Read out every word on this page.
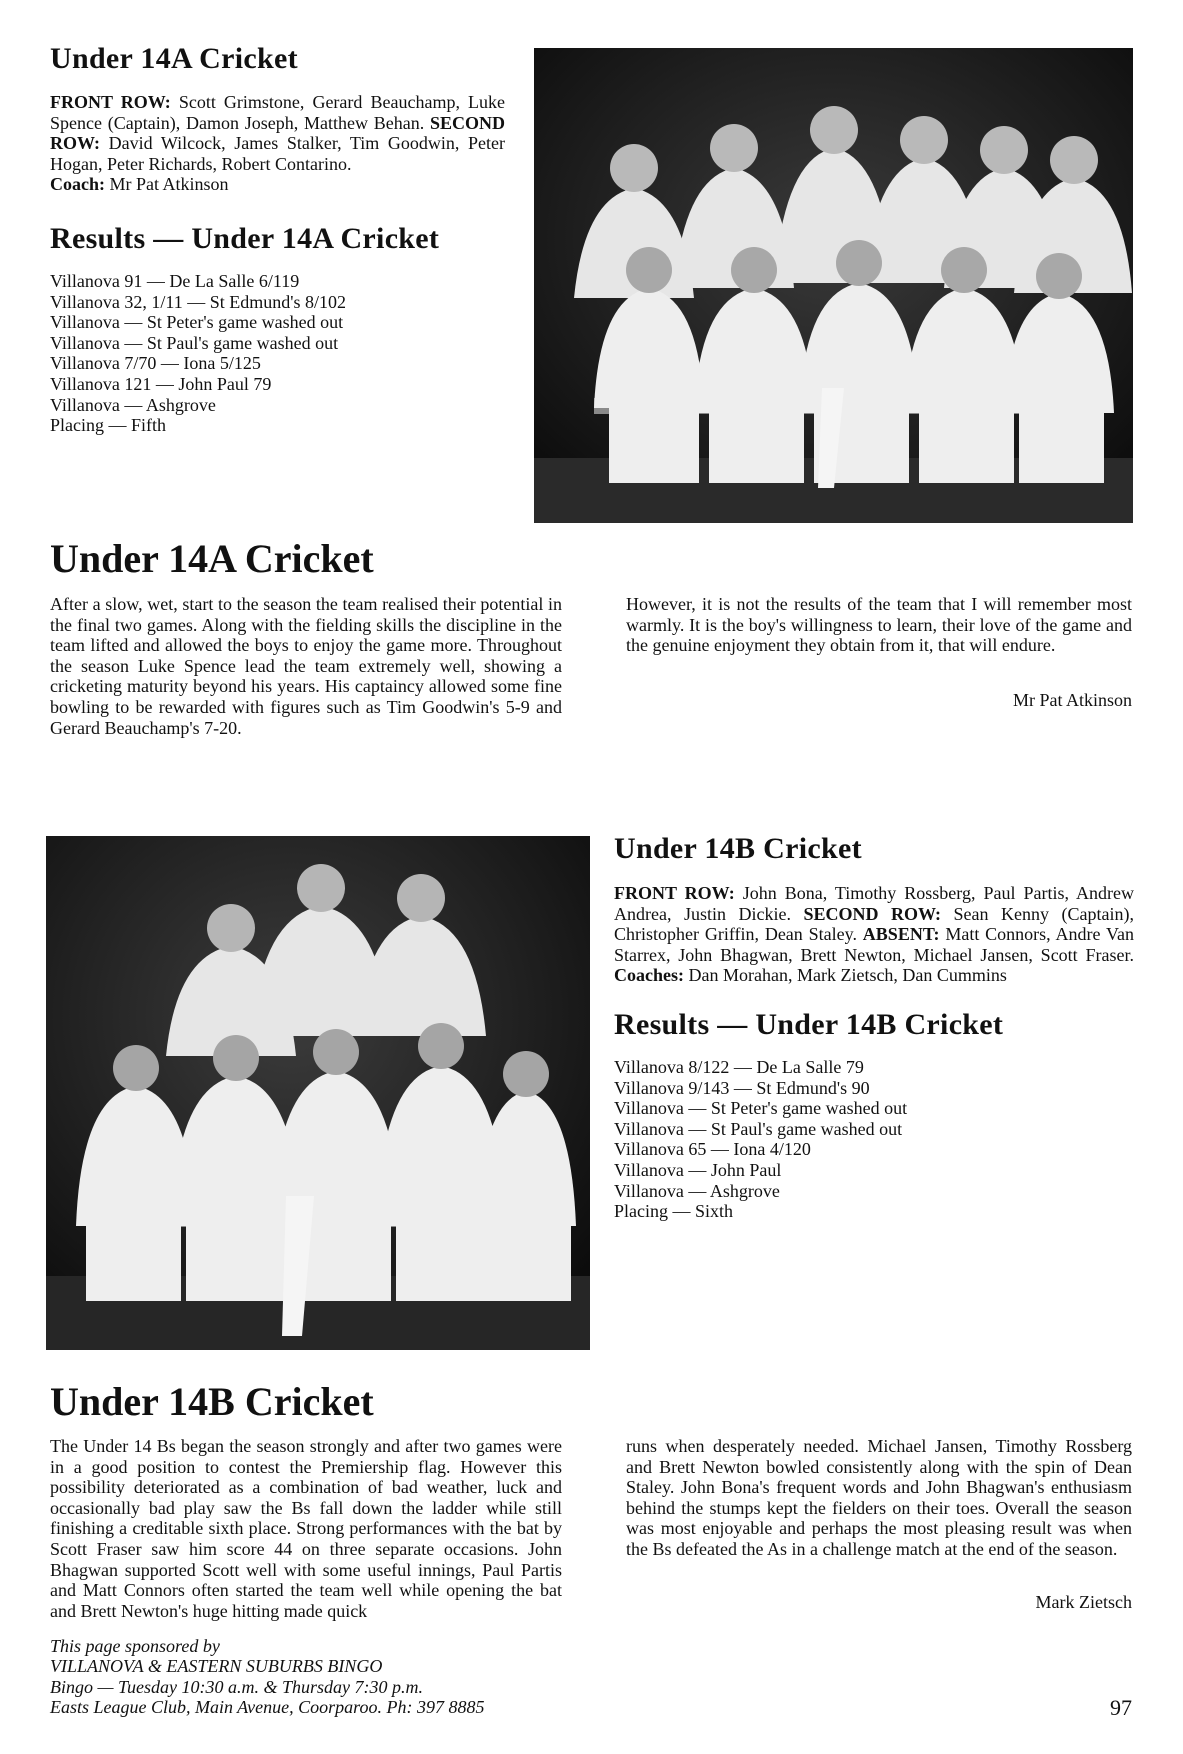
Under 14A Cricket
FRONT ROW: Scott Grimstone, Gerard Beauchamp, Luke Spence (Captain), Damon Joseph, Matthew Behan. SECOND ROW: David Wilcock, James Stalker, Tim Goodwin, Peter Hogan, Peter Richards, Robert Contarino.
Coach: Mr Pat Atkinson
Results — Under 14A Cricket
Villanova 91 — De La Salle 6/119
Villanova 32, 1/11 — St Edmund's 8/102
Villanova — St Peter's game washed out
Villanova — St Paul's game washed out
Villanova 7/70 — Iona 5/125
Villanova 121 — John Paul 79
Villanova — Ashgrove
Placing — Fifth
Under 14A Cricket
After a slow, wet, start to the season the team realised their potential in the final two games. Along with the fielding skills the discipline in the team lifted and allowed the boys to enjoy the game more. Throughout the season Luke Spence lead the team extremely well, showing a cricketing maturity beyond his years. His captaincy allowed some fine bowling to be rewarded with figures such as Tim Goodwin's 5-9 and Gerard Beauchamp's 7-20.
However, it is not the results of the team that I will remember most warmly. It is the boy's willingness to learn, their love of the game and the genuine enjoyment they obtain from it, that will endure.
Mr Pat Atkinson
Under 14B Cricket
FRONT ROW: John Bona, Timothy Rossberg, Paul Partis, Andrew Andrea, Justin Dickie. SECOND ROW: Sean Kenny (Captain), Christopher Griffin, Dean Staley. ABSENT: Matt Connors, Andre Van Starrex, John Bhagwan, Brett Newton, Michael Jansen, Scott Fraser. Coaches: Dan Morahan, Mark Zietsch, Dan Cummins
Results — Under 14B Cricket
Villanova 8/122 — De La Salle 79
Villanova 9/143 — St Edmund's 90
Villanova — St Peter's game washed out
Villanova — St Paul's game washed out
Villanova 65 — Iona 4/120
Villanova — John Paul
Villanova — Ashgrove
Placing — Sixth
Under 14B Cricket
The Under 14 Bs began the season strongly and after two games were in a good position to contest the Premiership flag. However this possibility deteriorated as a combination of bad weather, luck and occasionally bad play saw the Bs fall down the ladder while still finishing a creditable sixth place. Strong performances with the bat by Scott Fraser saw him score 44 on three separate occasions. John Bhagwan supported Scott well with some useful innings, Paul Partis and Matt Connors often started the team well while opening the bat and Brett Newton's huge hitting made quick
runs when desperately needed. Michael Jansen, Timothy Rossberg and Brett Newton bowled consistently along with the spin of Dean Staley. John Bona's frequent words and John Bhagwan's enthusiasm behind the stumps kept the fielders on their toes. Overall the season was most enjoyable and perhaps the most pleasing result was when the Bs defeated the As in a challenge match at the end of the season.
Mark Zietsch
This page sponsored by
VILLANOVA & EASTERN SUBURBS BINGO
Bingo — Tuesday 10:30 a.m. & Thursday 7:30 p.m.
Easts League Club, Main Avenue, Coorparoo. Ph: 397 8885	97
